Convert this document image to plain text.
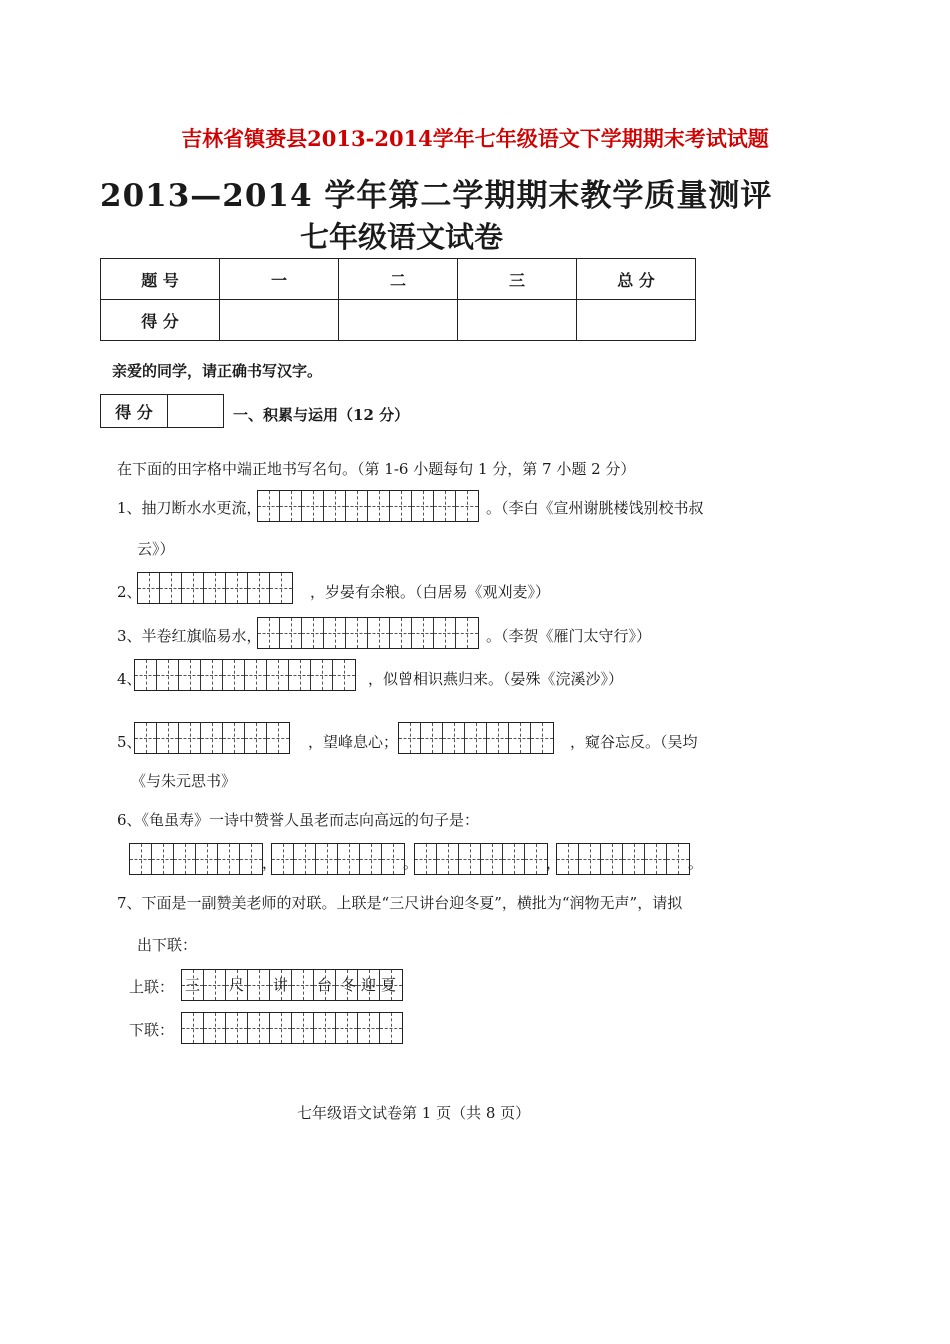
吉林省镇赉县2013-2014学年七年级语文下学期期末考试试题
2013—2014 学年第二学期期末教学质量测评
七年级语文试卷
题 号	一	二	三	总 分
得 分				
亲爱的同学，请正确书写汉字。
得 分	一、积累与运用（12 分）
在下面的田字格中端正地书写名句。（第 1-6 小题每句 1 分，第 7 小题 2 分）
1、抽刀断水水更流，	。（李白《宣州谢朓楼饯别校书叔
云》）
2、	，岁晏有余粮。（白居易《观刈麦》）
3、半卷红旗临易水，	。（李贺《雁门太守行》）
4、	，似曾相识燕归来。（晏殊《浣溪沙》）
5、	，望峰息心；	，窥谷忘反。（吴均
《与朱元思书》
6、《龟虽寿》一诗中赞誉人虽老而志向高远的句子是：
，	。	，	。
7、下面是一副赞美老师的对联。上联是“三尺讲台迎冬夏”，横批为“润物无声”，请拟
出下联：
上联： 三 尺 讲 台 迎
下联：
冬 夏
七年级语文试卷第 1 页（共 8 页）
